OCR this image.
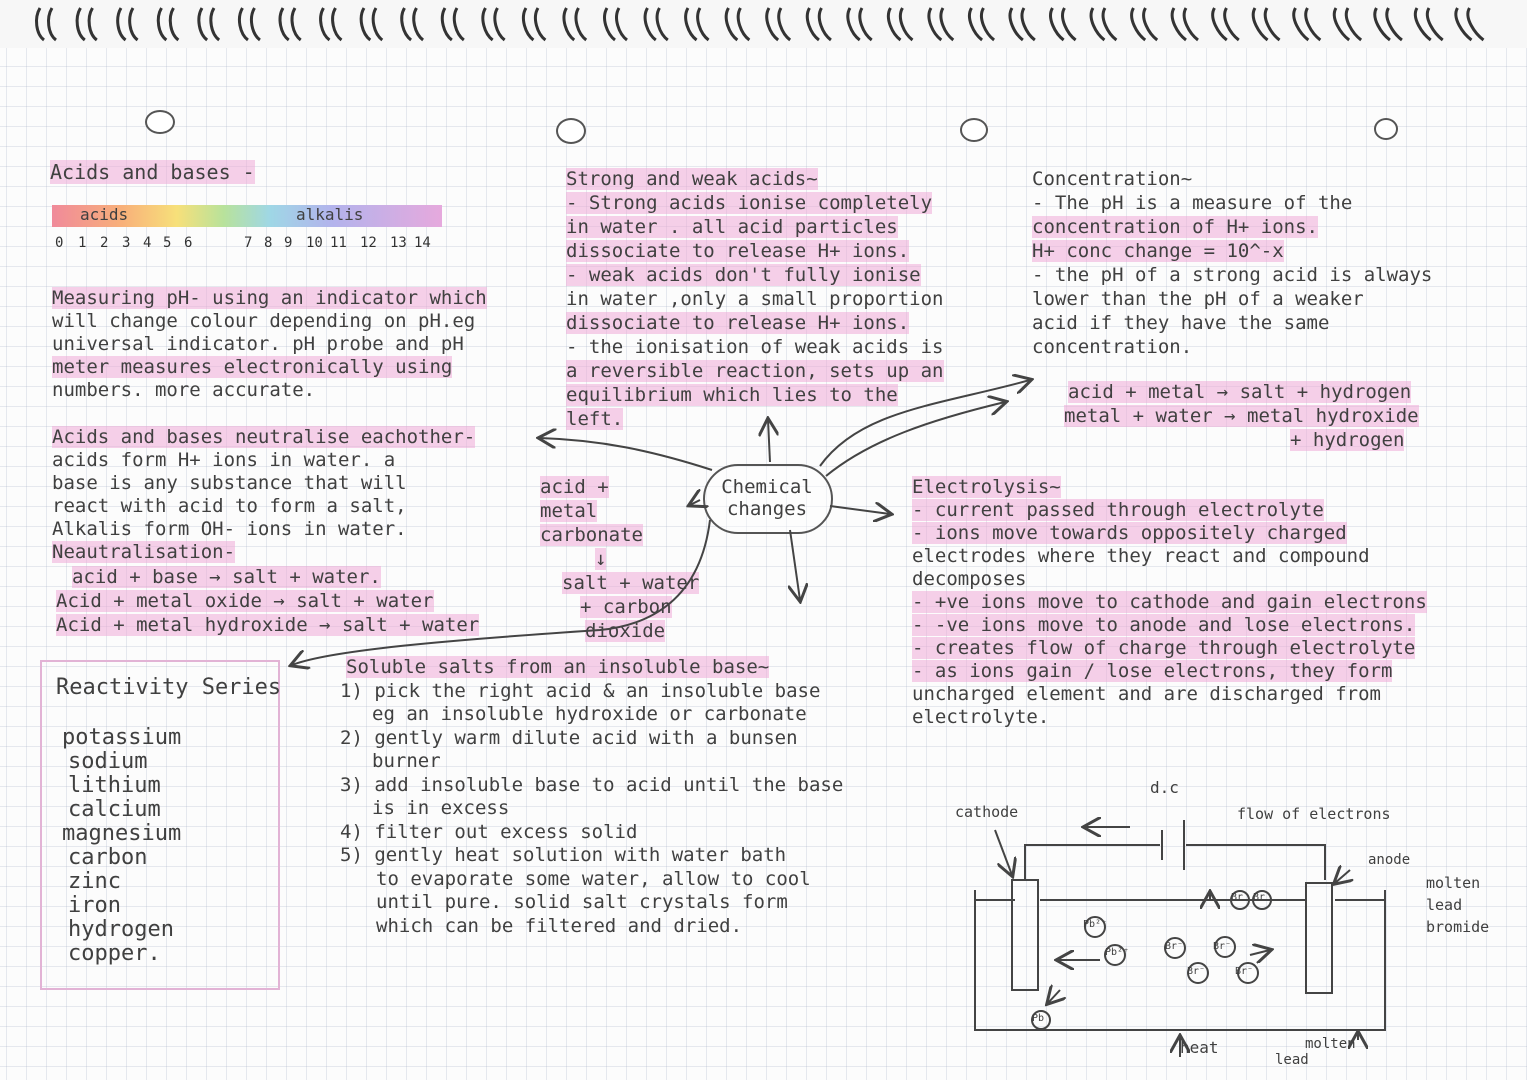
Acids and bases -
acids	alkalis
0 1 2 3 4 5 6	7 8 9 10 11 12 13 14
Measuring pH- using an indicator which
will change colour depending on pH.eg
universal indicator. pH probe and pH
meter measures electronically using
numbers. more accurate.
Acids and bases neutralise eachother-
acids form H+ ions in water. a
base is any substance that will
react with acid to form a salt,
Alkalis form OH- ions in water.
Neautralisation-
acid + base → salt + water.
Acid + metal oxide → salt + water
Acid + metal hydroxide → salt + water
acid +
metal
carbonate
↓
salt + water
+ carbon
dioxide
Strong and weak acids~
- Strong acids ionise completely
in water . all acid particles
dissociate to release H+ ions.
- weak acids don't fully ionise
in water ,only a small proportion
dissociate to release H+ ions.
- the ionisation of weak acids is
a reversible reaction, sets up an
equilibrium which lies to the
left.
Concentration~
- The pH is a measure of the
concentration of H+ ions.
H+ conc change = 10^-x
- the pH of a strong acid is always
lower than the pH of a weaker
acid if they have the same
concentration.
acid + metal → salt + hydrogen
metal + water → metal hydroxide
+ hydrogen
Chemical
changes
Electrolysis~
- current passed through electrolyte
- ions move towards oppositely charged
electrodes where they react and compound
decomposes
- +ve ions move to cathode and gain electrons
- -ve ions move to anode and lose electrons.
- creates flow of charge through electrolyte
- as ions gain / lose electrons, they form
uncharged element and are discharged from
electrolyte.
Reactivity Series
potassium
sodium
lithium
calcium
magnesium
carbon
zinc
iron
hydrogen
copper.
Soluble salts from an insoluble base~
1) pick the right acid & an insoluble base
eg an insoluble hydroxide or carbonate
2) gently warm dilute acid with a bunsen
burner
3) add insoluble base to acid until the base
is in excess
4) filter out excess solid
5) gently heat solution with water bath
to evaporate some water, allow to cool
until pure. solid salt crystals form
which can be filtered and dried.
d.c
cathode	flow of electrons
anode
molten
lead
bromide
heat	molten
lead
Pb²⁺
Pb²⁺
Br⁻
Br⁻
Br⁻
Br⁻
Br Br
Pb
